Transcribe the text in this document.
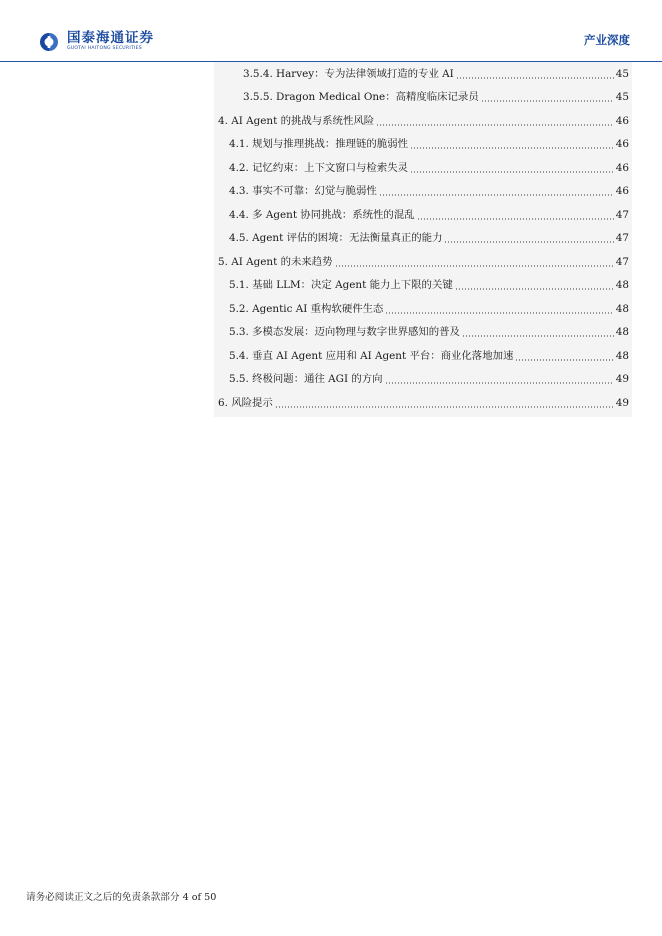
国泰海通证券
GUOTAI HAITONG SECURITIES
产业深度
3.5.4. Harvey：专为法律领域打造的专业 AI	45
3.5.5. Dragon Medical One：高精度临床记录员	45
4. AI Agent 的挑战与系统性风险	46
4.1. 规划与推理挑战：推理链的脆弱性	46
4.2. 记忆约束：上下文窗口与检索失灵	46
4.3. 事实不可靠：幻觉与脆弱性	46
4.4. 多 Agent 协同挑战：系统性的混乱	47
4.5. Agent 评估的困境：无法衡量真正的能力	47
5. AI Agent 的未来趋势	47
5.1. 基础 LLM：决定 Agent 能力上下限的关键	48
5.2. Agentic AI 重构软硬件生态	48
5.3. 多模态发展：迈向物理与数字世界感知的普及	48
5.4. 垂直 AI Agent 应用和 AI Agent 平台：商业化落地加速	48
5.5. 终极问题：通往 AGI 的方向	49
6. 风险提示	49
请务必阅读正文之后的免责条款部分 4 of 50
